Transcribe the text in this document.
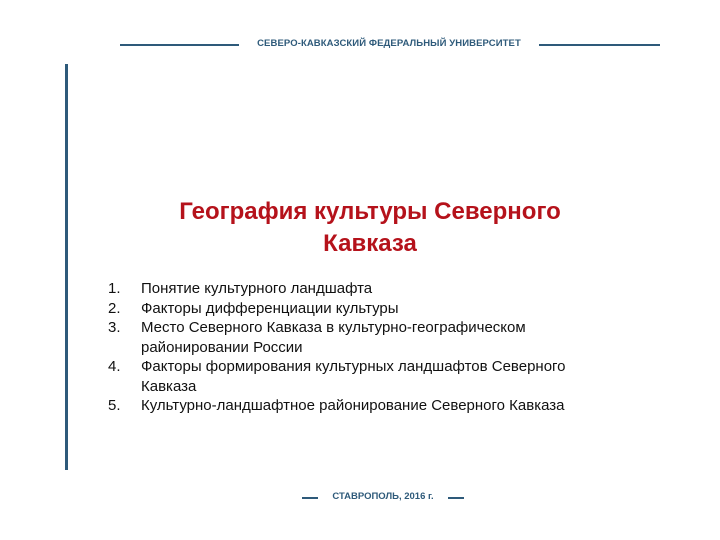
СЕВЕРО-КАВКАЗСКИЙ ФЕДЕРАЛЬНЫЙ УНИВЕРСИТЕТ
География культуры Северного
Кавказа
1. Понятие культурного ландшафта
2. Факторы дифференциации культуры
3. Место Северного Кавказа в культурно-географическом
районировании России
4. Факторы формирования культурных ландшафтов Северного
Кавказа
5. Культурно-ландшафтное районирование Северного Кавказа
СТАВРОПОЛЬ, 2016 г.
